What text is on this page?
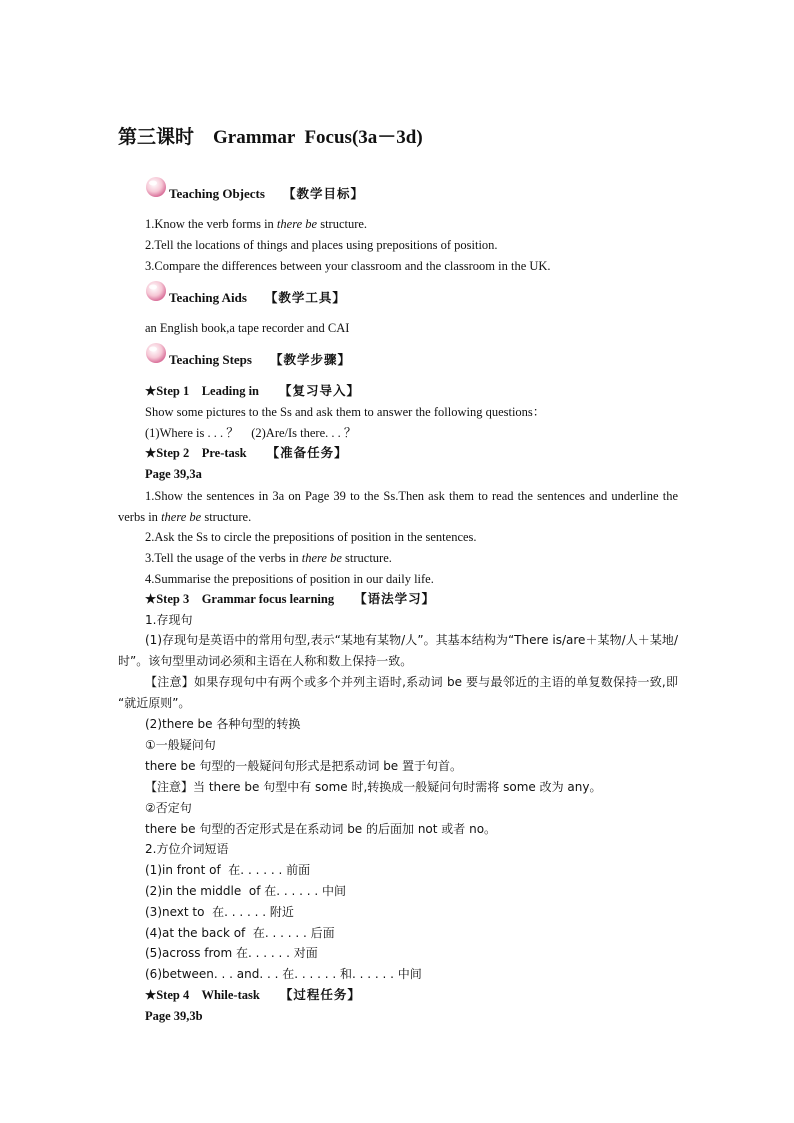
第三课时    Grammar  Focus(3a－3d)
Teaching Objects 【教学目标】
1.Know the verb forms in there be structure.
2.Tell the locations of things and places using prepositions of position.
3.Compare the differences between your classroom and the classroom in the UK.
Teaching Aids 【教学工具】
an English book,a tape recorder and CAI
Teaching Steps 【教学步骤】
★Step 1    Leading in 【复习导入】
Show some pictures to the Ss and ask them to answer the following questions：
(1)Where is . . . ？    (2)Are/Is there. . . ？
★Step 2    Pre-task 【准备任务】
Page 39,3a
1.Show the sentences in 3a on Page 39 to the Ss.Then ask them to read the sentences and underline the verbs in there be structure.
2.Ask the Ss to circle the prepositions of position in the sentences.
3.Tell the usage of the verbs in there be structure.
4.Summarise the prepositions of position in our daily life.
★Step 3    Grammar focus learning 【语法学习】
1.存现句
(1)存现句是英语中的常用句型,表示“某地有某物/人”。其基本结构为“There is/are＋某物/人＋某地/时”。该句型里动词必须和主语在人称和数上保持一致。
【注意】如果存现句中有两个或多个并列主语时,系动词 be 要与最邻近的主语的单复数保持一致,即 “就近原则”。
(2)there be 各种句型的转换
①一般疑问句
there be 句型的一般疑问句形式是把系动词 be 置于句首。
【注意】当 there be 句型中有 some 时,转换成一般疑问句时需将 some 改为 any。
②否定句
there be 句型的否定形式是在系动词 be 的后面加 not 或者 no。
2.方位介词短语
(1)in front of  在. . . . . . 前面
(2)in the middle  of 在. . . . . . 中间
(3)next to  在. . . . . . 附近
(4)at the back of  在. . . . . . 后面
(5)across from 在. . . . . . 对面
(6)between. . . and. . . 在. . . . . . 和. . . . . . 中间
★Step 4    While-task 【过程任务】
Page 39,3b
